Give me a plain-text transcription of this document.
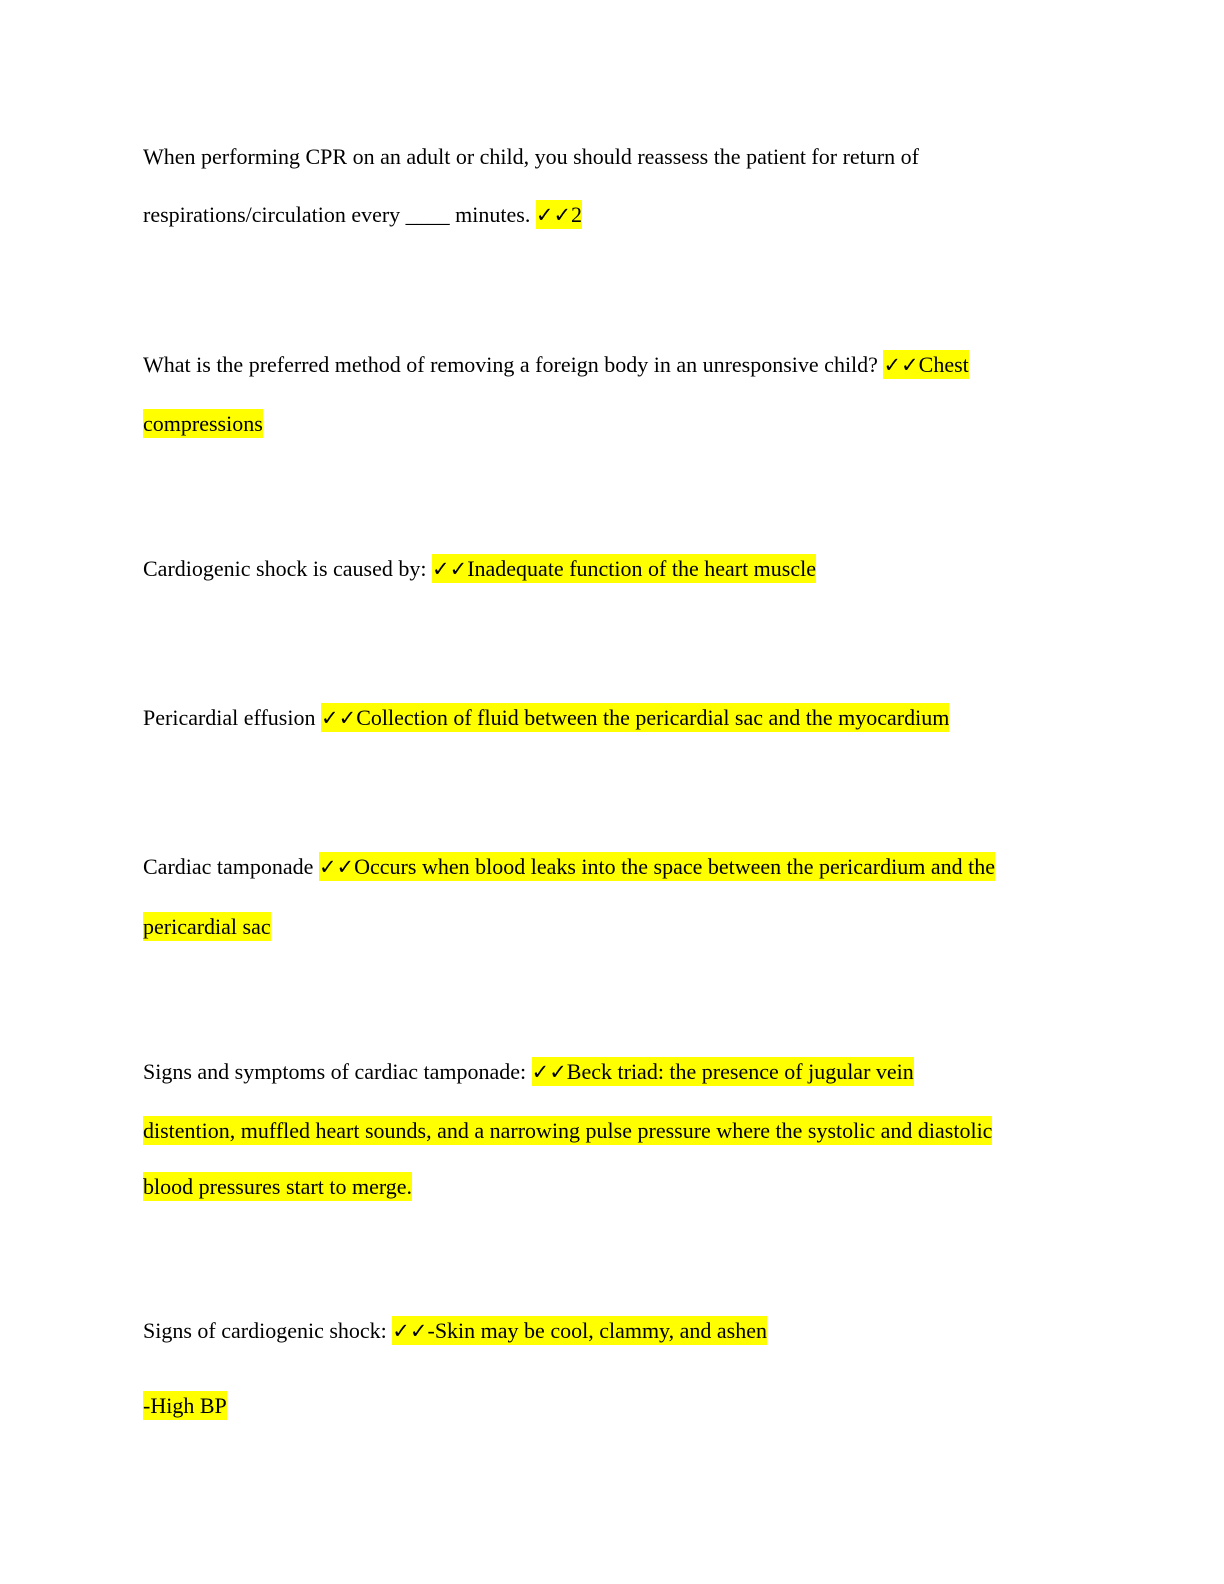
When performing CPR on an adult or child, you should reassess the patient for return of
respirations/circulation every ____ minutes. ✓✓2
What is the preferred method of removing a foreign body in an unresponsive child? ✓✓Chest
compressions
Cardiogenic shock is caused by: ✓✓Inadequate function of the heart muscle
Pericardial effusion ✓✓Collection of fluid between the pericardial sac and the myocardium
Cardiac tamponade ✓✓Occurs when blood leaks into the space between the pericardium and the
pericardial sac
Signs and symptoms of cardiac tamponade: ✓✓Beck triad: the presence of jugular vein
distention, muffled heart sounds, and a narrowing pulse pressure where the systolic and diastolic
blood pressures start to merge.
Signs of cardiogenic shock: ✓✓-Skin may be cool, clammy, and ashen
-High BP
